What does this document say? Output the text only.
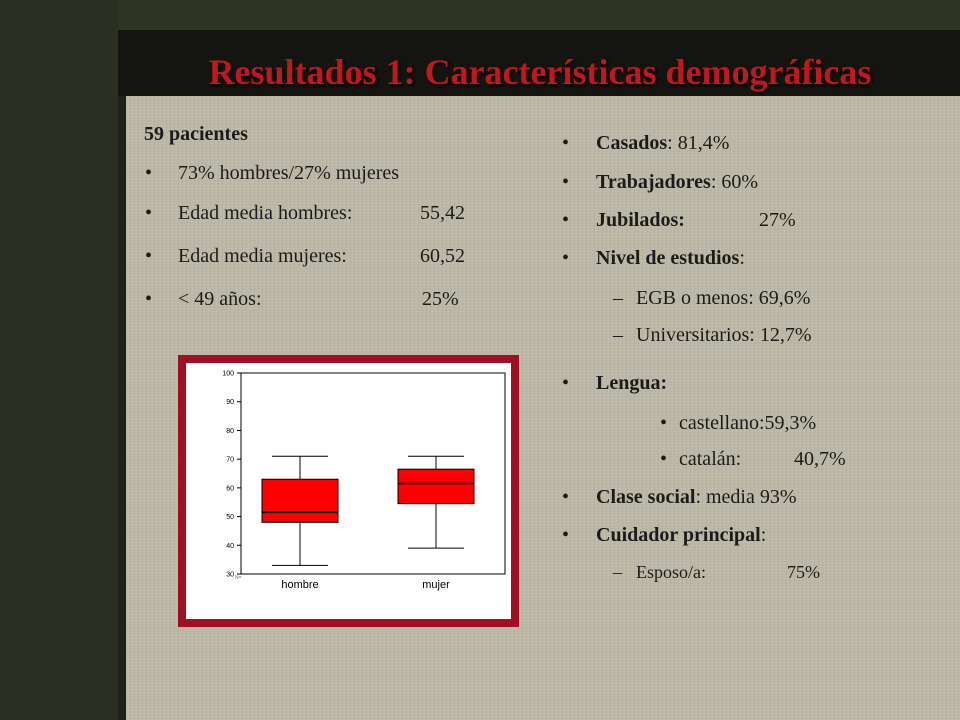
Resultados 1: Características demográficas
59 pacientes
• 73% hombres/27% mujeres
• Edad media hombres:	55,42
• Edad media mujeres:	60,52
• < 49 años:	25%
• Casados: 81,4%
• Trabajadores: 60%
• Jubilados:	27%
• Nivel de estudios:
– EGB o menos: 69,6%
– Universitarios: 12,7%
• Lengua:
• castellano:59,3%
• catalán:	40,7%
• Clase social: media 93%
• Cuidador principal:
– Esposo/a:	75%
30
40
50
60
70
80
90
100
N=
hombre	mujer
